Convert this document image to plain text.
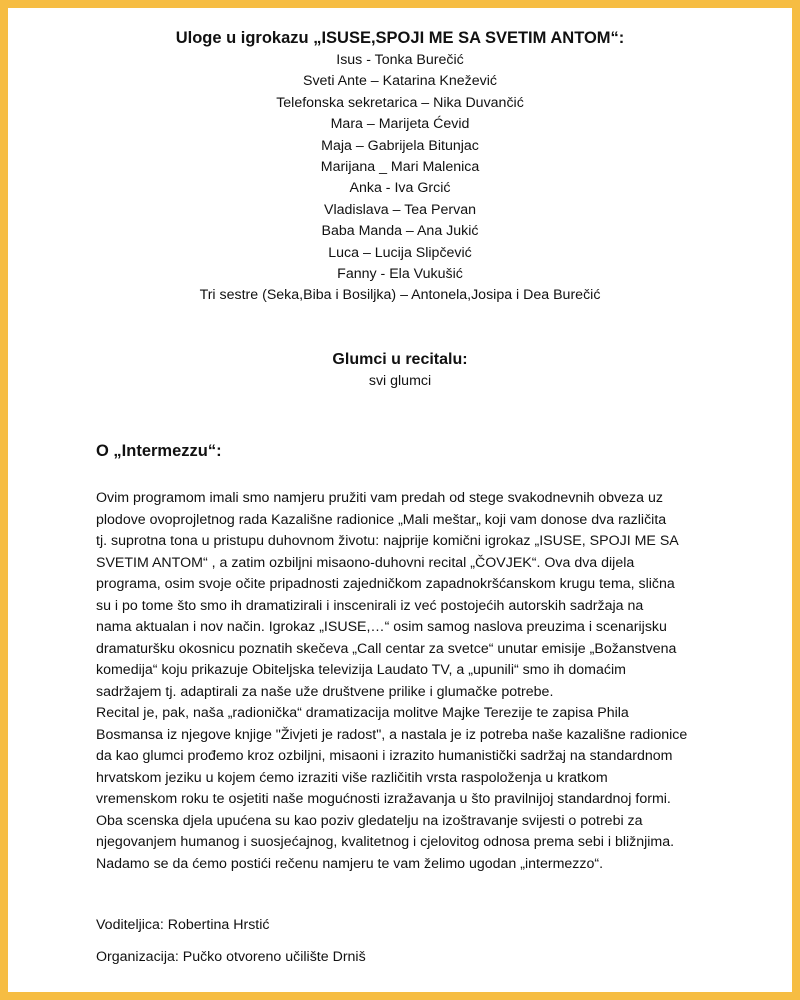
Uloge u igrokazu „ISUSE,SPOJI ME SA SVETIM ANTOM“:
Isus - Tonka Burečić
Sveti Ante – Katarina Knežević
Telefonska sekretarica – Nika Duvančić
Mara – Marijeta Ćevid
Maja – Gabrijela Bitunjac
Marijana _ Mari Malenica
Anka - Iva Grcić
Vladislava – Tea Pervan
Baba Manda – Ana Jukić
Luca – Lucija Slipčević
Fanny - Ela Vukušić
Tri sestre (Seka,Biba i Bosiljka) – Antonela,Josipa i Dea Burečić
Glumci u recitalu:
svi glumci
O „Intermezzu“:
Ovim programom imali smo namjeru pružiti vam predah od stege svakodnevnih obveza uz
plodove ovoprojletnog rada Kazališne radionice „Mali meštar„ koji vam donose dva različita
tj. suprotna tona u pristupu duhovnom životu: najprije komični igrokaz „ISUSE, SPOJI ME SA
SVETIM ANTOM“ , a zatim ozbiljni misaono-duhovni recital „ČOVJEK“. Ova dva dijela
programa, osim svoje očite pripadnosti zajedničkom zapadnokršćanskom krugu tema, slična
su i po tome što smo ih dramatizirali i inscenirali iz već postojećih autorskih sadržaja na
nama aktualan i nov način. Igrokaz „ISUSE,…“ osim samog naslova preuzima i scenarijsku
dramaturšku okosnicu poznatih skečeva „Call centar za svetce“ unutar emisije „Božanstvena
komedija“ koju prikazuje Obiteljska televizija Laudato TV, a „upunili“ smo ih domaćim
sadržajem tj. adaptirali za naše uže društvene prilike i glumačke potrebe.
Recital je, pak, naša „radionička“ dramatizacija molitve Majke Terezije te zapisa Phila
Bosmansa iz njegove knjige "Živjeti je radost", a nastala je iz potreba naše kazališne radionice
da kao glumci prođemo kroz ozbiljni, misaoni i izrazito humanistički sadržaj na standardnom
hrvatskom jeziku u kojem ćemo izraziti više različitih vrsta raspoloženja u kratkom
vremenskom roku te osjetiti naše mogućnosti izražavanja u što pravilnijoj standardnoj formi.
Oba scenska djela upućena su kao poziv gledatelju na izoštravanje svijesti o potrebi za
njegovanjem humanog i suosjećajnog, kvalitetnog i cjelovitog odnosa prema sebi i bližnjima.
Nadamo se da ćemo postići rečenu namjeru te vam želimo ugodan „intermezzo“.
Voditeljica: Robertina Hrstić
Organizacija: Pučko otvoreno učilište Drniš
